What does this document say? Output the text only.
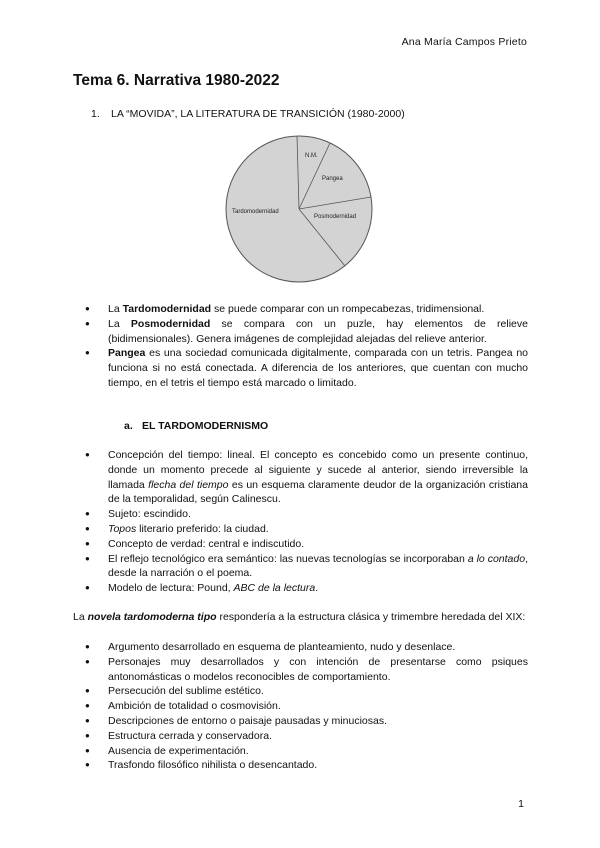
Ana María Campos Prieto
Tema 6. Narrativa 1980-2022
1. LA “MOVIDA”, LA LITERATURA DE TRANSICIÓN (1980-2000)
N.M.
Pangea
Posmodernidad
Tardomodernidad
● La Tardomodernidad se puede comparar con un rompecabezas, tridimensional.
● La Posmodernidad se compara con un puzle, hay elementos de relieve (bidimensionales). Genera imágenes de complejidad alejadas del relieve anterior.
● Pangea es una sociedad comunicada digitalmente, comparada con un tetris. Pangea no funciona si no está conectada. A diferencia de los anteriores, que cuentan con mucho tiempo, en el tetris el tiempo está marcado o limitado.
a. EL TARDOMODERNISMO
● Concepción del tiempo: lineal. El concepto es concebido como un presente continuo, donde un momento precede al siguiente y sucede al anterior, siendo irreversible la llamada flecha del tiempo es un esquema claramente deudor de la organización cristiana de la temporalidad, según Calinescu.
● Sujeto: escindido.
● Topos literario preferido: la ciudad.
● Concepto de verdad: central e indiscutido.
● El reflejo tecnológico era semántico: las nuevas tecnologías se incorporaban a lo contado, desde la narración o el poema.
● Modelo de lectura: Pound, ABC de la lectura.

La novela tardomoderna tipo respondería a la estructura clásica y trimembre heredada del XIX:

● Argumento desarrollado en esquema de planteamiento, nudo y desenlace.
● Personajes muy desarrollados y con intención de presentarse como psiques antonomásticas o modelos reconocibles de comportamiento.
● Persecución del sublime estético.
● Ambición de totalidad o cosmovisión.
● Descripciones de entorno o paisaje pausadas y minuciosas.
● Estructura cerrada y conservadora.
● Ausencia de experimentación.
● Trasfondo filosófico nihilista o desencantado.
1
